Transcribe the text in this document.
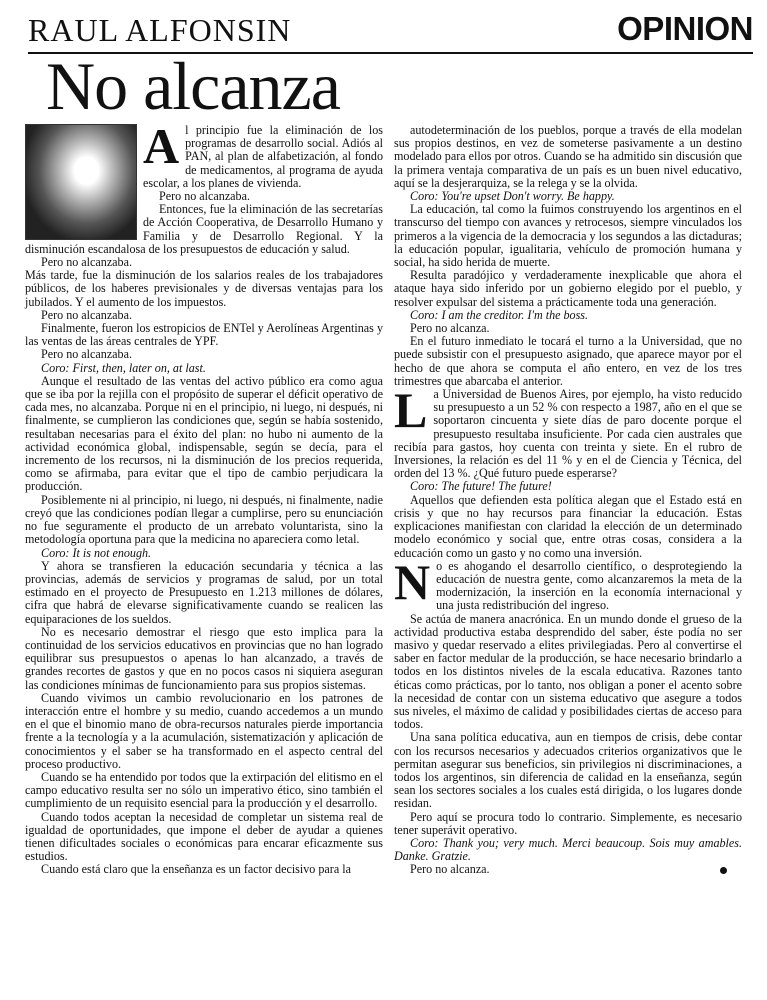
RAUL ALFONSIN	OPINION
No alcanza

Al principio fue la eliminación de los programas de desarrollo social. Adiós al PAN, al plan de alfabetización, al fondo de medicamentos, al programa de ayuda escolar, a los planes de vivienda.

Pero no alcanzaba.

Entonces, fue la eliminación de las secretarías de Acción Cooperativa, de Desarrollo Humano y Familia y de Desarrollo Regional. Y la disminución escandalosa de los presupuestos de educación y salud.

Pero no alcanzaba.

Más tarde, fue la disminución de los salarios reales de los trabajadores públicos, de los haberes previsionales y de diversas ventajas para los jubilados. Y el aumento de los impuestos.

Pero no alcanzaba.

Finalmente, fueron los estropicios de ENTel y Aerolíneas Argentinas y las ventas de las áreas centrales de YPF.

Pero no alcanzaba.

Coro: First, then, later on, at last.

Aunque el resultado de las ventas del activo público era como agua que se iba por la rejilla con el propósito de superar el déficit operativo de cada mes, no alcanzaba. Porque ni en el principio, ni luego, ni después, ni finalmente, se cumplieron las condiciones que, según se había sostenido, resultaban necesarias para el éxito del plan: no hubo ni aumento de la actividad económica global, indispensable, según se decía, para el incremento de los recursos, ni la disminución de los precios requerida, como se afirmaba, para evitar que el tipo de cambio perjudicara la producción.

Posiblemente ni al principio, ni luego, ni después, ni finalmente, nadie creyó que las condiciones podían llegar a cumplirse, pero su enunciación no fue seguramente el producto de un arrebato voluntarista, sino la metodología oportuna para que la medicina no apareciera como letal.

Coro: It is not enough.

Y ahora se transfieren la educación secundaria y técnica a las provincias, además de servicios y programas de salud, por un total estimado en el proyecto de Presupuesto en 1.213 millones de dólares, cifra que habrá de elevarse significativamente cuando se realicen las equiparaciones de los sueldos.

No es necesario demostrar el riesgo que esto implica para la continuidad de los servicios educativos en provincias que no han logrado equilibrar sus presupuestos o apenas lo han alcanzado, a través de grandes recortes de gastos y que en no pocos casos ni siquiera aseguran las condiciones mínimas de funcionamiento para sus propios sistemas.

Cuando vivimos un cambio revolucionario en los patrones de interacción entre el hombre y su medio, cuando accedemos a un mundo en el que el binomio mano de obra-recursos naturales pierde importancia frente a la tecnología y a la acumulación, sistematización y aplicación de conocimientos y el saber se ha transformado en el aspecto central del proceso productivo.

Cuando se ha entendido por todos que la extirpación del elitismo en el campo educativo resulta ser no sólo un imperativo ético, sino también el cumplimiento de un requisito esencial para la producción y el desarrollo.

Cuando todos aceptan la necesidad de completar un sistema real de igualdad de oportunidades, que impone el deber de ayudar a quienes tienen dificultades sociales o económicas para encarar eficazmente sus estudios.

Cuando está claro que la enseñanza es un factor decisivo para la

autodeterminación de los pueblos, porque a través de ella modelan sus propios destinos, en vez de someterse pasivamente a un destino modelado para ellos por otros. Cuando se ha admitido sin discusión que la primera ventaja comparativa de un país es un buen nivel educativo, aquí se la desjerarquiza, se la relega y se la olvida.

Coro: You're upset Don't worry. Be happy.

La educación, tal como la fuimos construyendo los argentinos en el transcurso del tiempo con avances y retrocesos, siempre vinculados los primeros a la vigencia de la democracia y los segundos a las dictaduras; la educación popular, igualitaria, vehículo de promoción humana y social, ha sido herida de muerte.

Resulta paradójico y verdaderamente inexplicable que ahora el ataque haya sido inferido por un gobierno elegido por el pueblo, y resolver expulsar del sistema a prácticamente toda una generación.

Coro: I am the creditor. I'm the boss.

Pero no alcanza.

En el futuro inmediato le tocará el turno a la Universidad, que no puede subsistir con el presupuesto asignado, que aparece mayor por el hecho de que ahora se computa el año entero, en vez de los tres trimestres que abarcaba el anterior.

La Universidad de Buenos Aires, por ejemplo, ha visto reducido su presupuesto a un 52 % con respecto a 1987, año en el que se soportaron cincuenta y siete días de paro docente porque el presupuesto resultaba insuficiente. Por cada cien australes que recibía para gastos, hoy cuenta con treinta y siete. En el rubro de Inversiones, la relación es del 11 % y en el de Ciencia y Técnica, del orden del 13 %. ¿Qué futuro puede esperarse?

Coro: The future! The future!

Aquellos que defienden esta política alegan que el Estado está en crisis y que no hay recursos para financiar la educación. Estas explicaciones manifiestan con claridad la elección de un determinado modelo económico y social que, entre otras cosas, considera a la educación como un gasto y no como una inversión.

No es ahogando el desarrollo científico, o desprotegiendo la educación de nuestra gente, como alcanzaremos la meta de la modernización, la inserción en la economía internacional y una justa redistribución del ingreso.

Se actúa de manera anacrónica. En un mundo donde el grueso de la actividad productiva estaba desprendido del saber, éste podía no ser masivo y quedar reservado a elites privilegiadas. Pero al convertirse el saber en factor medular de la producción, se hace necesario brindarlo a todos en los distintos niveles de la escala educativa. Razones tanto éticas como prácticas, por lo tanto, nos obligan a poner el acento sobre la necesidad de contar con un sistema educativo que asegure a todos sus niveles, el máximo de calidad y posibilidades ciertas de acceso para todos.

Una sana política educativa, aun en tiempos de crisis, debe contar con los recursos necesarios y adecuados criterios organizativos que le permitan asegurar sus beneficios, sin privilegios ni discriminaciones, a todos los argentinos, sin diferencia de calidad en la enseñanza, según sean los sectores sociales a los cuales está dirigida, o los lugares donde residan.

Pero aquí se procura todo lo contrario. Simplemente, es necesario tener superávit operativo.

Coro: Thank you; very much. Merci beaucoup. Sois muy amables. Danke. Gratzie.

Pero no alcanza.
